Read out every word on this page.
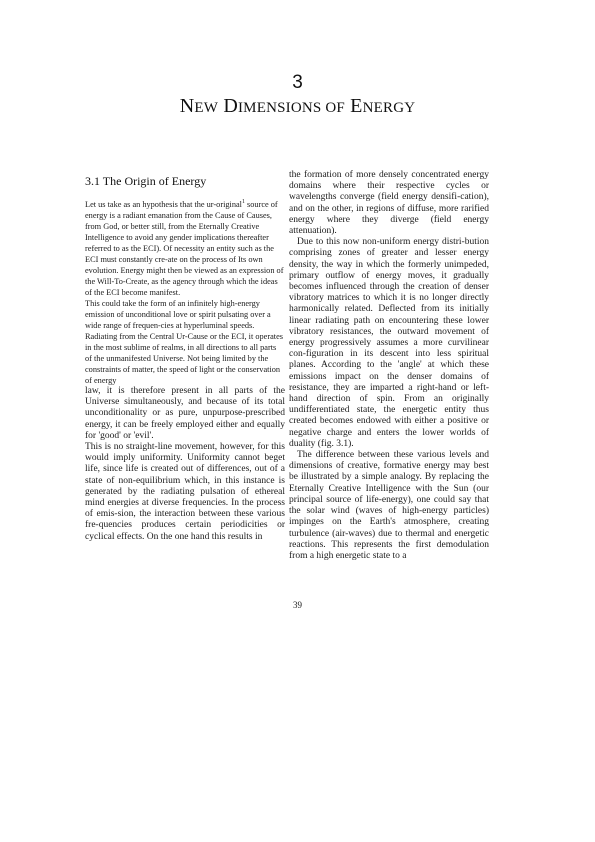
3
NEW DIMENSIONS OF ENERGY
3.1 The Origin of Energy

Let us take as an hypothesis that the ur-original$^1$ source of energy is a radiant emanation from the Cause of Causes, from God, or better still, from the Eternally Creative Intelligence to avoid any gender implications thereafter referred to as the ECI). Of necessity an entity such as the ECI must constantly cre-ate on the process of Its own evolution. Energy might then be viewed as an expression of the Will-To-Create, as the agency through which the ideas of the ECI become manifest.

This could take the form of an infinitely high-energy emission of unconditional love or spirit pulsating over a wide range of frequen-cies at hyperluminal speeds. Radiating from the Central Ur-Cause or the ECI, it operates in the most sublime of realms, in all directions to all parts of the unmanifested Universe. Not being limited by the constraints of matter, the speed of light or the conservation of energy

law, it is therefore present in all parts of the Universe simultaneously, and because of its total unconditionality or as pure, unpurpose-prescribed energy, it can be freely employed either and equally for 'good' or 'evil'.

This is no straight-line movement, however, for this would imply uniformity. Uniformity cannot beget life, since life is created out of differences, out of a state of non-equilibrium which, in this instance is generated by the radiating pulsation of ethereal mind energies at diverse frequencies. In the process of emis-sion, the interaction between these various fre-quencies produces certain periodicities or cyclical effects. On the one hand this results in

the formation of more densely concentrated energy domains where their respective cycles or wavelengths converge (field energy densifi-cation), and on the other, in regions of diffuse, more rarified energy where they diverge (field energy attenuation).

Due to this now non-uniform energy distri-bution comprising zones of greater and lesser energy density, the way in which the formerly unimpeded, primary outflow of energy moves, it gradually becomes influenced through the creation of denser vibratory matrices to which it is no longer directly harmonically related. Deflected from its initially linear radiating path on encountering these lower vibratory resistances, the outward movement of energy progressively assumes a more curvilinear con-figuration in its descent into less spiritual planes. According to the 'angle' at which these emissions impact on the denser domains of resistance, they are imparted a right-hand or left-hand direction of spin. From an originally undifferentiated state, the energetic entity thus created becomes endowed with either a positive or negative charge and enters the lower worlds of duality (fig. 3.1).

The difference between these various levels and dimensions of creative, formative energy may best be illustrated by a simple analogy. By replacing the Eternally Creative Intelligence with the Sun (our principal source of life-energy), one could say that the solar wind (waves of high-energy particles) impinges on the Earth's atmosphere, creating turbulence (air-waves) due to thermal and energetic reactions. This represents the first demodulation from a high energetic state to a

39
